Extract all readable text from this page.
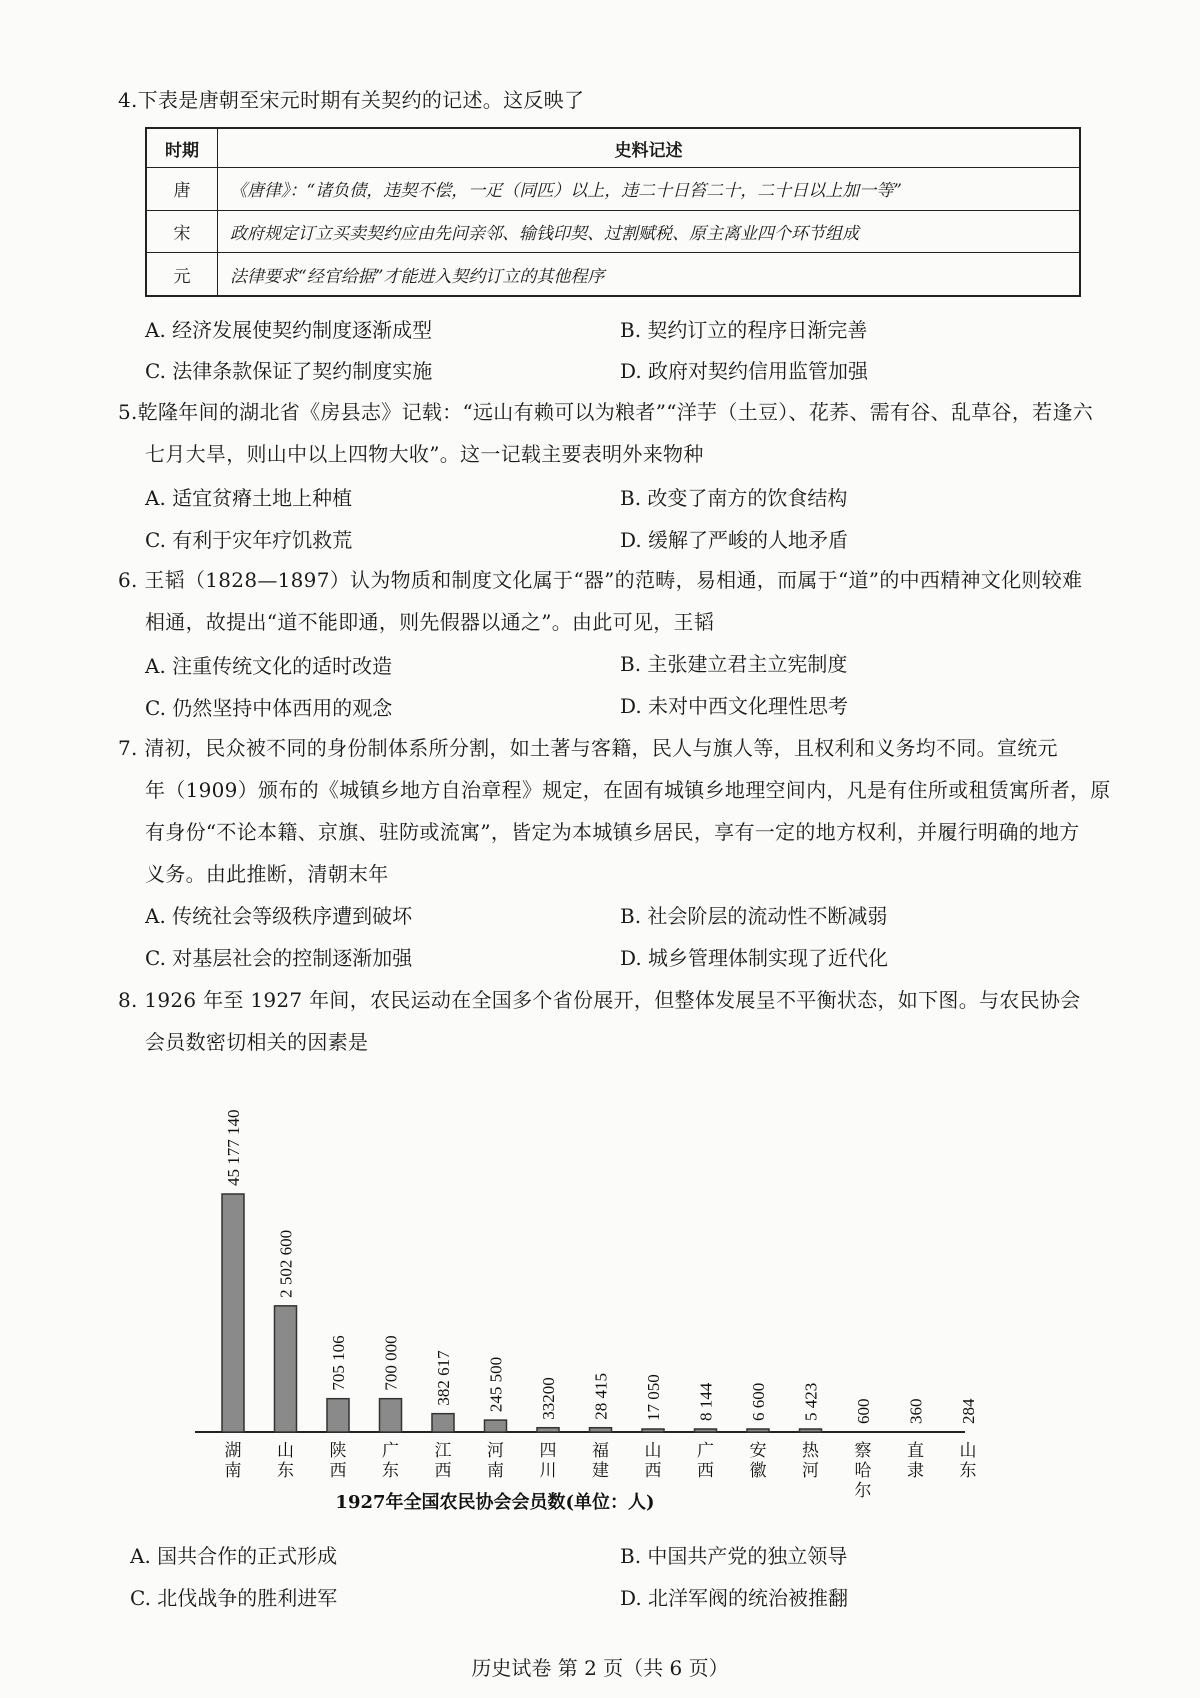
4.下表是唐朝至宋元时期有关契约的记述。这反映了
时期	史料记述
唐	《唐律》：“诸负债，违契不偿，一疋（同匹）以上，违二十日笞二十，二十日以上加一等”
宋	政府规定订立买卖契约应由先问亲邻、输钱印契、过割赋税、原主离业四个环节组成
元	法律要求“经官给据”才能进入契约订立的其他程序
A. 经济发展使契约制度逐渐成型	B. 契约订立的程序日渐完善
C. 法律条款保证了契约制度实施	D. 政府对契约信用监管加强
5.乾隆年间的湖北省《房县志》记载：“远山有赖可以为粮者”“洋芋（土豆）、花荞、需有谷、乱草谷，若逢六
七月大旱，则山中以上四物大收”。这一记载主要表明外来物种
A. 适宜贫瘠土地上种植	B. 改变了南方的饮食结构
C. 有利于灾年疗饥救荒	D. 缓解了严峻的人地矛盾
6. 王韬（1828—1897）认为物质和制度文化属于“器”的范畴，易相通，而属于“道”的中西精神文化则较难
相通，故提出“道不能即通，则先假器以通之”。由此可见，王韬
A. 注重传统文化的适时改造	B. 主张建立君主立宪制度
C. 仍然坚持中体西用的观念	D. 未对中西文化理性思考
7. 清初，民众被不同的身份制体系所分割，如土著与客籍，民人与旗人等，且权利和义务均不同。宣统元
年（1909）颁布的《城镇乡地方自治章程》规定，在固有城镇乡地理空间内，凡是有住所或租赁寓所者，原
有身份“不论本籍、京旗、驻防或流寓”，皆定为本城镇乡居民，享有一定的地方权利，并履行明确的地方
义务。由此推断，清朝末年
A. 传统社会等级秩序遭到破坏	B. 社会阶层的流动性不断减弱
C. 对基层社会的控制逐渐加强	D. 城乡管理体制实现了近代化
8. 1926 年至 1927 年间，农民运动在全国多个省份展开，但整体发展呈不平衡状态，如下图。与农民协会
会员数密切相关的因素是
45 177 140
湖
南
2 502 600
山
东
705 106
陕
西
700 000
广
东
382 617
江
西
245 500
河
南
33200
四
川
28 415
福
建
17 050
山
西
8 144
广
西
6 600
安
徽
5 423
热
河
600
察
哈
尔
360
直
隶
284
山
东
1927年全国农民协会会员数(单位：人)
A. 国共合作的正式形成	B. 中国共产党的独立领导
C. 北伐战争的胜利进军	D. 北洋军阀的统治被推翻
历史试卷 第 2 页（共 6 页）
